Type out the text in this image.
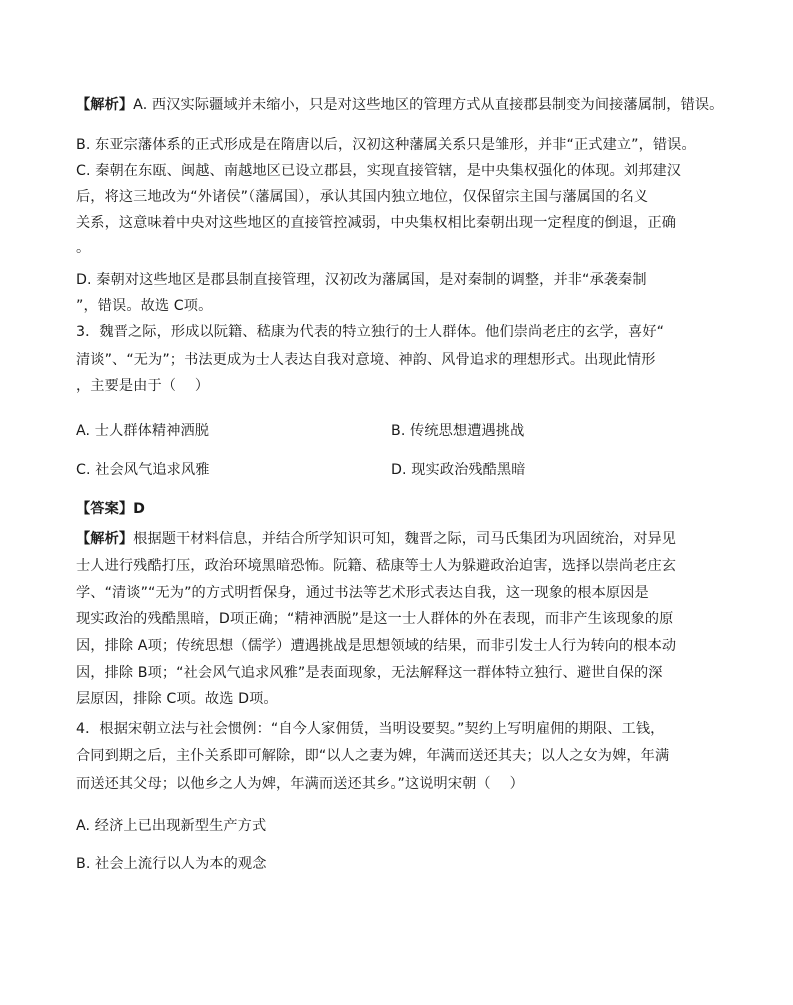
【解析】A. 西汉实际疆域并未缩小，只是对这些地区的管理方式从直接郡县制变为间接藩属制，错误。
B. 东亚宗藩体系的正式形成是在隋唐以后，汉初这种藩属关系只是雏形，并非“正式建立”，错误。
C. 秦朝在东瓯、闽越、南越地区已设立郡县，实现直接管辖，是中央集权强化的体现。刘邦建汉
后，将这三地改为“外诸侯”（藩属国），承认其国内独立地位，仅保留宗主国与藩属国的名义
关系，这意味着中央对这些地区的直接管控减弱，中央集权相比秦朝出现一定程度的倒退，正确
。
D. 秦朝对这些地区是郡县制直接管理，汉初改为藩属国，是对秦制的调整，并非“承袭秦制
”，错误。故选 C项。
3．魏晋之际，形成以阮籍、嵇康为代表的特立独行的士人群体。他们崇尚老庄的玄学，喜好“
清谈”、“无为”；书法更成为士人表达自我对意境、神韵、风骨追求的理想形式。出现此情形
，主要是由于（　 ）
A. 士人群体精神洒脱	B. 传统思想遭遇挑战
C. 社会风气追求风雅	D. 现实政治残酷黑暗
【答案】D
【解析】根据题干材料信息，并结合所学知识可知，魏晋之际，司马氏集团为巩固统治，对异见
士人进行残酷打压，政治环境黑暗恐怖。阮籍、嵇康等士人为躲避政治迫害，选择以崇尚老庄玄
学、“清谈”“无为”的方式明哲保身，通过书法等艺术形式表达自我，这一现象的根本原因是
现实政治的残酷黑暗，D项正确；“精神洒脱”是这一士人群体的外在表现，而非产生该现象的原
因，排除 A项；传统思想（儒学）遭遇挑战是思想领域的结果，而非引发士人行为转向的根本动
因，排除 B项；“社会风气追求风雅”是表面现象，无法解释这一群体特立独行、避世自保的深
层原因，排除 C项。故选 D项。
4．根据宋朝立法与社会惯例：“自今人家佣赁，当明设要契。”契约上写明雇佣的期限、工钱，
合同到期之后，主仆关系即可解除，即“以人之妻为婢，年满而送还其夫；以人之女为婢，年满
而送还其父母；以他乡之人为婢，年满而送还其乡。”这说明宋朝（　 ）
A. 经济上已出现新型生产方式
B. 社会上流行以人为本的观念
